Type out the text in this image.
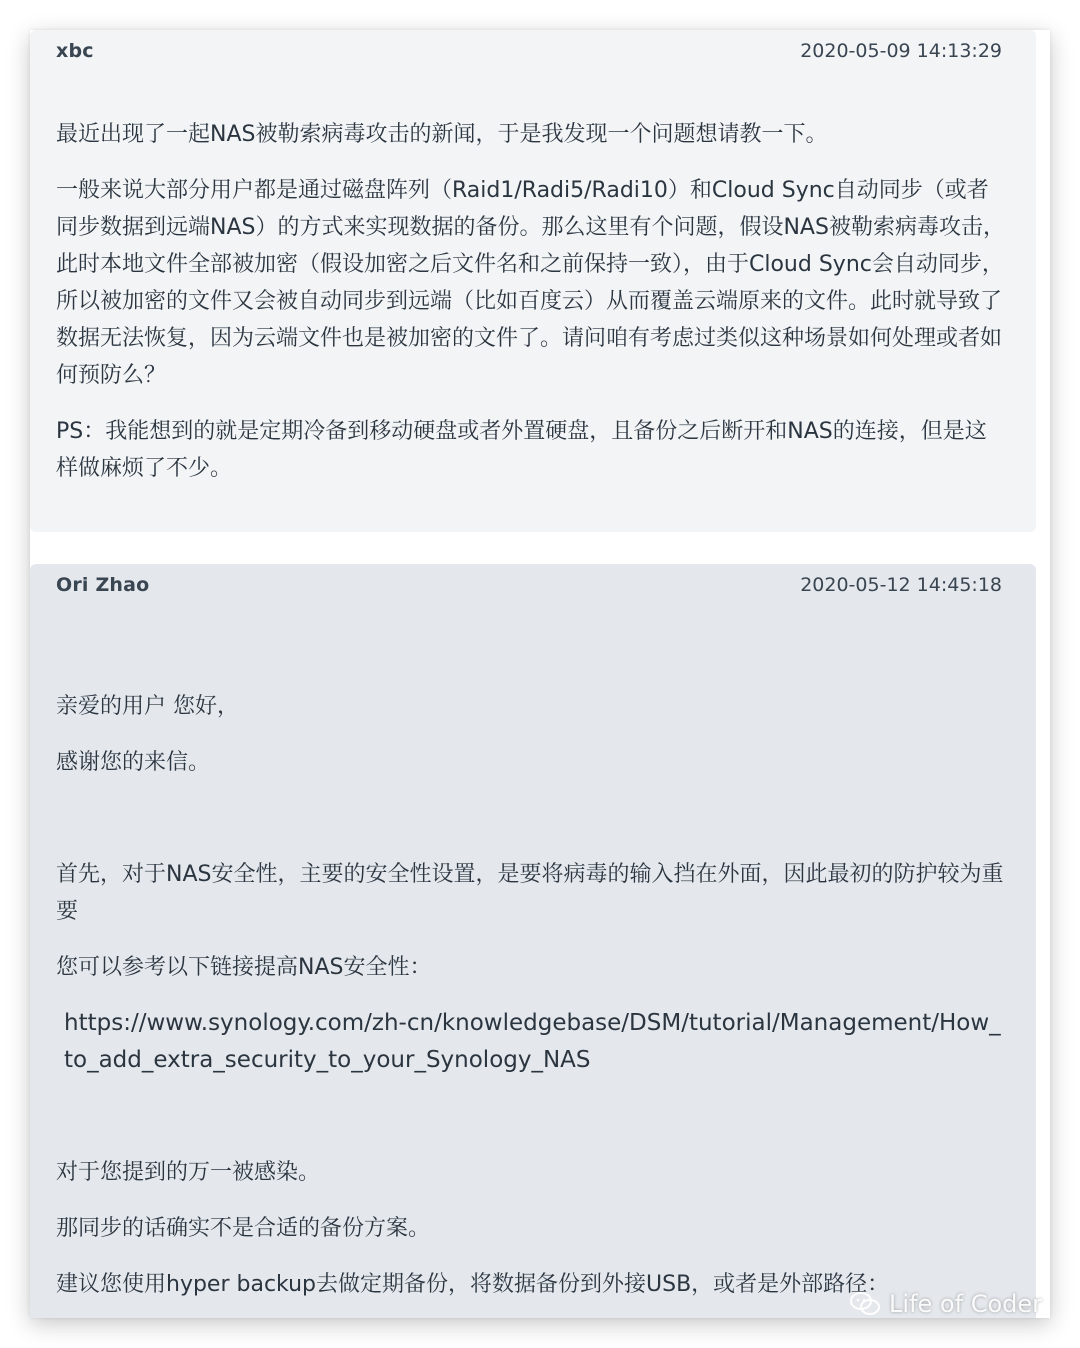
xbc	2020-05-09 14:13:29

最近出现了一起NAS被勒索病毒攻击的新闻，于是我发现一个问题想请教一下。

一般来说大部分用户都是通过磁盘阵列（Raid1/Radi5/Radi10）和Cloud Sync自动同步（或者同步数据到远端NAS）的方式来实现数据的备份。那么这里有个问题，假设NAS被勒索病毒攻击，此时本地文件全部被加密（假设加密之后文件名和之前保持一致），由于Cloud Sync会自动同步，所以被加密的文件又会被自动同步到远端（比如百度云）从而覆盖云端原来的文件。此时就导致了数据无法恢复，因为云端文件也是被加密的文件了。请问咱有考虑过类似这种场景如何处理或者如何预防么？

PS：我能想到的就是定期冷备到移动硬盘或者外置硬盘，且备份之后断开和NAS的连接，但是这样做麻烦了不少。

Ori Zhao	2020-05-12 14:45:18

亲爱的用户 您好，

感谢您的来信。

首先，对于NAS安全性，主要的安全性设置，是要将病毒的输入挡在外面，因此最初的防护较为重要

您可以参考以下链接提高NAS安全性：

https://www.synology.com/zh-cn/knowledgebase/DSM/tutorial/Management/How_to_add_extra_security_to_your_Synology_NAS

对于您提到的万一被感染。

那同步的话确实不是合适的备份方案。

建议您使用hyper backup去做定期备份，将数据备份到外接USB，或者是外部路径：

Life of Coder
